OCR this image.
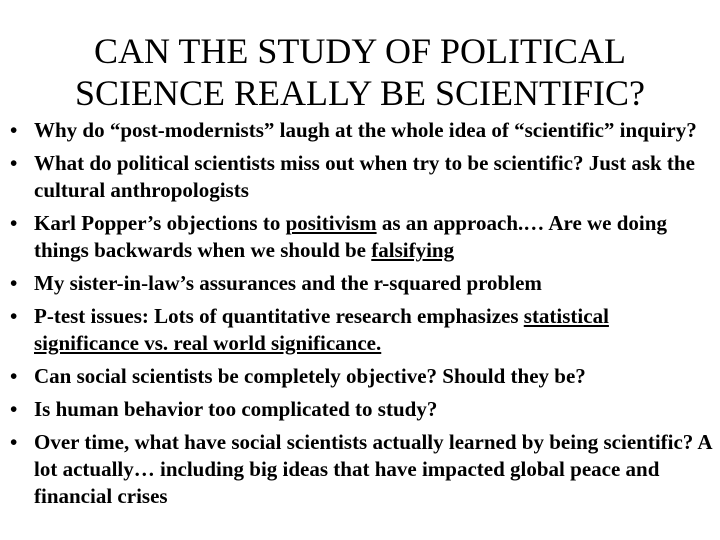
CAN THE STUDY OF POLITICAL
SCIENCE REALLY BE SCIENTIFIC?
• Why do “post-modernists” laugh at the whole idea of “scientific” inquiry?
• What do political scientists miss out when try to be scientific? Just ask the cultural anthropologists
• Karl Popper’s objections to positivism as an approach.… Are we doing things backwards when we should be falsifying
• My sister-in-law’s assurances and the r-squared problem
• P-test issues: Lots of quantitative research emphasizes statistical significance vs. real world significance.
• Can social scientists be completely objective? Should they be?
• Is human behavior too complicated to study?
• Over time, what have social scientists actually learned by being scientific? A lot actually… including big ideas that have impacted global peace and financial crises
